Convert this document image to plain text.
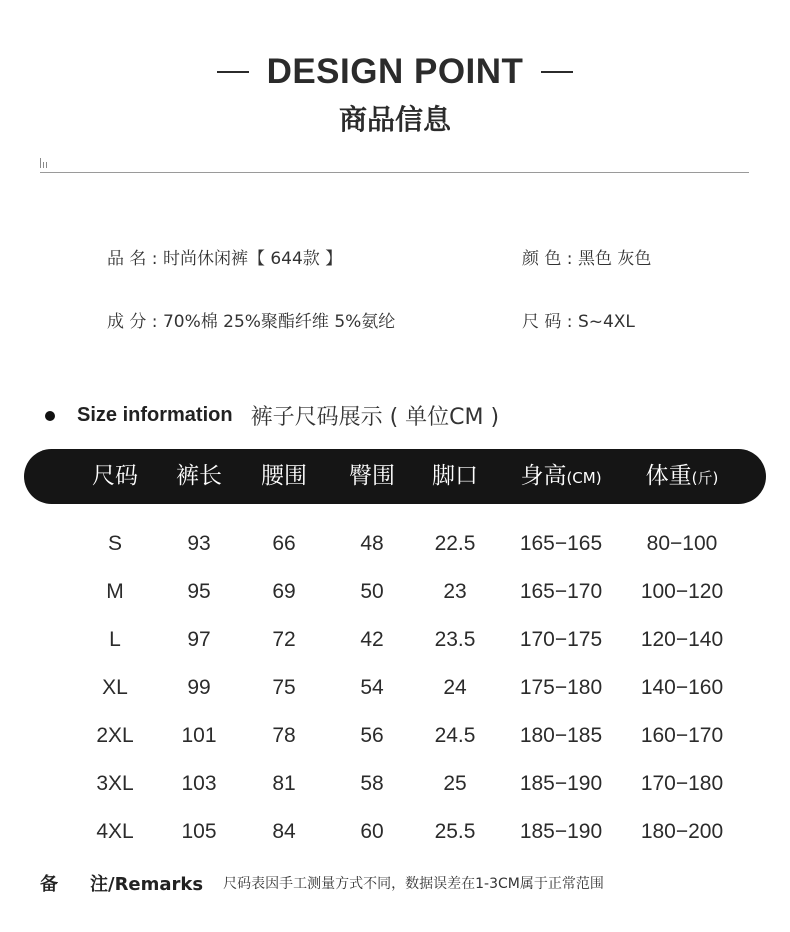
DESIGN POINT
商品信息
品 名 : 时尚休闲裤【 644款 】	颜 色 : 黑色 灰色
成 分 : 70%棉 25%聚酯纤维 5%氨纶	尺 码 : S~4XL
Size information 裤子尺码展示 ( 单位CM )
尺码 裤长 腰围 臀围 脚口 身高(CM) 体重(斤)
S	93	66	48 22.5 165−165 80−100
M	95	69	50	23	165−170 100−120
L	97	72	42 23.5 170−175 120−140
XL	99	75	54	24	175−180 140−160
2XL 101	78	56 24.5 180−185 160−170
3XL 103	81	58	25	185−190 170−180
4XL 105	84	60 25.5 185−190 180−200
备 注/Remarks 尺码表因手工测量方式不同，数据误差在1-3CM属于正常范围
